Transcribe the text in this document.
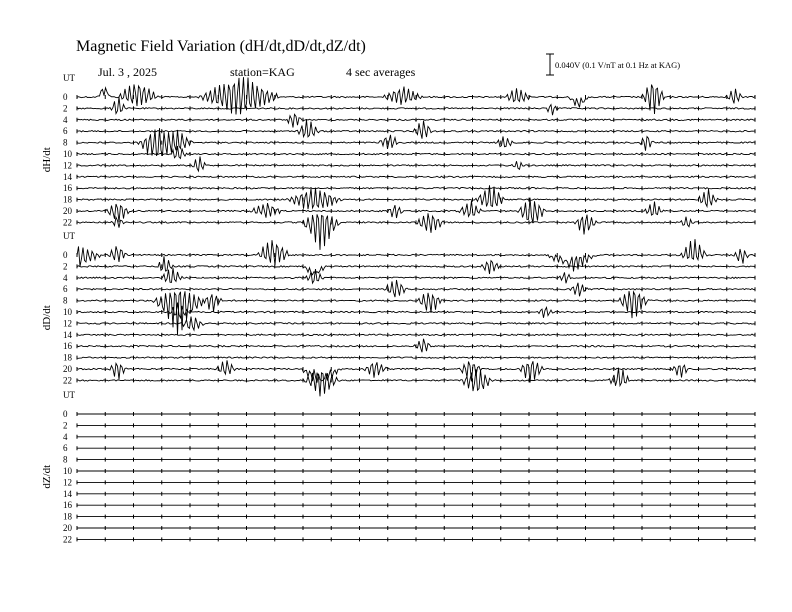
UT
dH/dt
0
2
4
6
8
10
12
14
16
18
20
22
UT
dD/dt
0
2
4
6
8
10
12
14
16
18
20
22
UT
dZ/dt
0
2
4
6
8
10
12
14
16
18
20
22
Magnetic Field Variation (dH/dt,dD/dt,dZ/dt)
Jul. 3 , 2025	station=KAG	4 sec averages	0.040V (0.1 V/nT at 0.1 Hz at KAG)
